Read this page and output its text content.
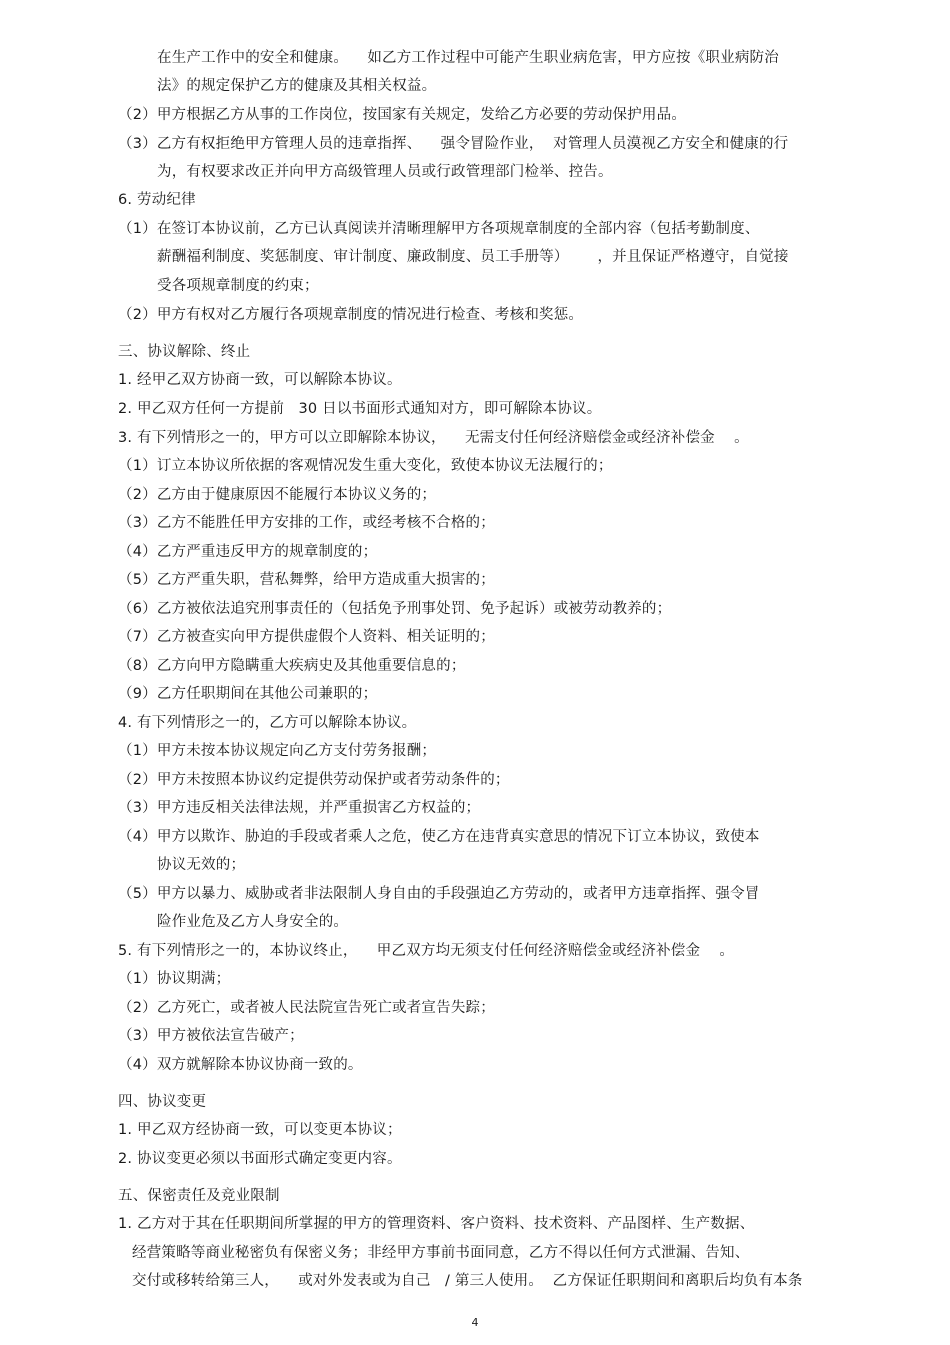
在生产工作中的安全和健康。    如乙方工作过程中可能产生职业病危害，甲方应按《职业病防治
法》的规定保护乙方的健康及其相关权益。
（2）甲方根据乙方从事的工作岗位，按国家有关规定，发给乙方必要的劳动保护用品。
（3）乙方有权拒绝甲方管理人员的违章指挥、    强令冒险作业，  对管理人员漠视乙方安全和健康的行
为，有权要求改正并向甲方高级管理人员或行政管理部门检举、控告。
6. 劳动纪律
（1）在签订本协议前，乙方已认真阅读并清晰理解甲方各项规章制度的全部内容（包括考勤制度、
薪酬福利制度、奖惩制度、审计制度、廉政制度、员工手册等）      ，并且保证严格遵守，自觉接
受各项规章制度的约束；
（2）甲方有权对乙方履行各项规章制度的情况进行检查、考核和奖惩。
三、协议解除、终止
1. 经甲乙双方协商一致，可以解除本协议。
2. 甲乙双方任何一方提前   30 日以书面形式通知对方，即可解除本协议。
3. 有下列情形之一的，甲方可以立即解除本协议，    无需支付任何经济赔偿金或经济补偿金    。
（1）订立本协议所依据的客观情况发生重大变化，致使本协议无法履行的；
（2）乙方由于健康原因不能履行本协议义务的；
（3）乙方不能胜任甲方安排的工作，或经考核不合格的；
（4）乙方严重违反甲方的规章制度的；
（5）乙方严重失职，营私舞弊，给甲方造成重大损害的；
（6）乙方被依法追究刑事责任的（包括免予刑事处罚、免予起诉）或被劳动教养的；
（7）乙方被查实向甲方提供虚假个人资料、相关证明的；
（8）乙方向甲方隐瞒重大疾病史及其他重要信息的；
（9）乙方任职期间在其他公司兼职的；
4. 有下列情形之一的，乙方可以解除本协议。
（1）甲方未按本协议规定向乙方支付劳务报酬；
（2）甲方未按照本协议约定提供劳动保护或者劳动条件的；
（3）甲方违反相关法律法规，并严重损害乙方权益的；
（4）甲方以欺诈、胁迫的手段或者乘人之危，使乙方在违背真实意思的情况下订立本协议，致使本
协议无效的；
（5）甲方以暴力、威胁或者非法限制人身自由的手段强迫乙方劳动的，或者甲方违章指挥、强令冒
险作业危及乙方人身安全的。
5. 有下列情形之一的，本协议终止，    甲乙双方均无须支付任何经济赔偿金或经济补偿金    。
（1）协议期满；
（2）乙方死亡，或者被人民法院宣告死亡或者宣告失踪；
（3）甲方被依法宣告破产；
（4）双方就解除本协议协商一致的。
四、协议变更
1. 甲乙双方经协商一致，可以变更本协议；
2. 协议变更必须以书面形式确定变更内容。
五、保密责任及竞业限制
1. 乙方对于其在任职期间所掌握的甲方的管理资料、客户资料、技术资料、产品图样、生产数据、
经营策略等商业秘密负有保密义务；非经甲方事前书面同意，乙方不得以任何方式泄漏、告知、
交付或移转给第三人，    或对外发表或为自己   / 第三人使用。  乙方保证任职期间和离职后均负有本条
4
